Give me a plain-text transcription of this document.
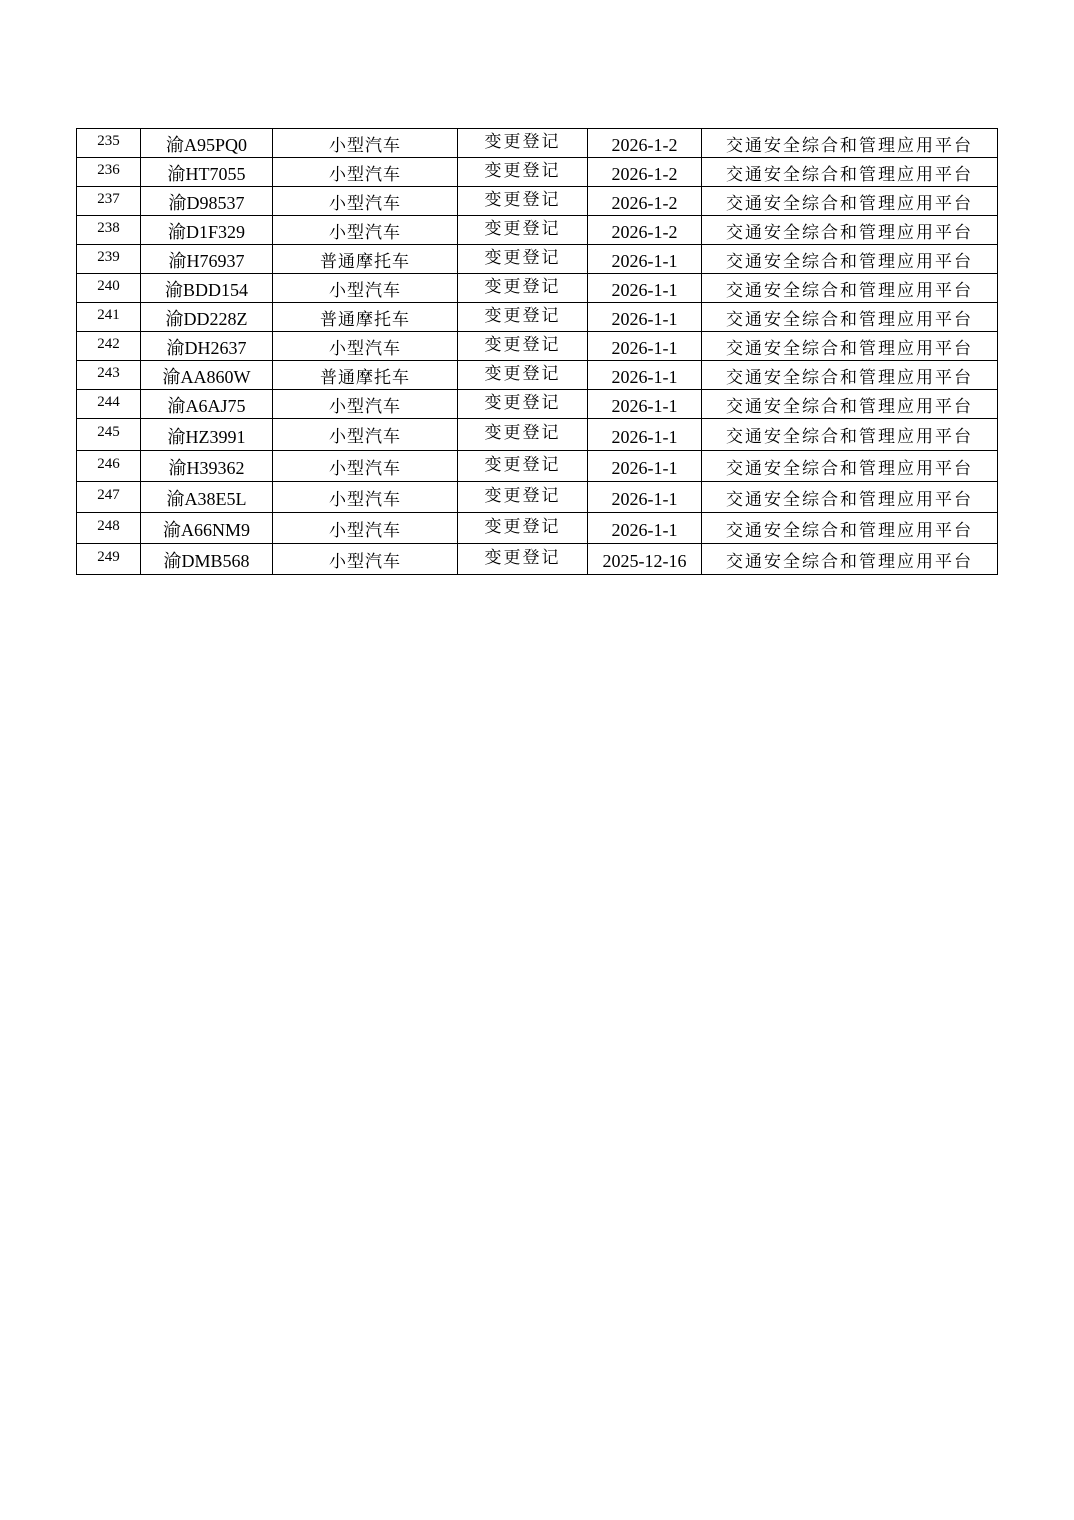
235	渝A95PQ0	小型汽车	变更登记	2026-1-2	交通安全综合和管理应用平台
236	渝HT7055	小型汽车	变更登记	2026-1-2	交通安全综合和管理应用平台
237	渝D98537	小型汽车	变更登记	2026-1-2	交通安全综合和管理应用平台
238	渝D1F329	小型汽车	变更登记	2026-1-2	交通安全综合和管理应用平台
239	渝H76937	普通摩托车	变更登记	2026-1-1	交通安全综合和管理应用平台
240	渝BDD154	小型汽车	变更登记	2026-1-1	交通安全综合和管理应用平台
241	渝DD228Z	普通摩托车	变更登记	2026-1-1	交通安全综合和管理应用平台
242	渝DH2637	小型汽车	变更登记	2026-1-1	交通安全综合和管理应用平台
243	渝AA860W	普通摩托车	变更登记	2026-1-1	交通安全综合和管理应用平台
244	渝A6AJ75	小型汽车	变更登记	2026-1-1	交通安全综合和管理应用平台
245	渝HZ3991	小型汽车	变更登记	2026-1-1	交通安全综合和管理应用平台
246	渝H39362	小型汽车	变更登记	2026-1-1	交通安全综合和管理应用平台
247	渝A38E5L	小型汽车	变更登记	2026-1-1	交通安全综合和管理应用平台
248	渝A66NM9	小型汽车	变更登记	2026-1-1	交通安全综合和管理应用平台
249	渝DMB568	小型汽车	变更登记	2025-12-16	交通安全综合和管理应用平台
